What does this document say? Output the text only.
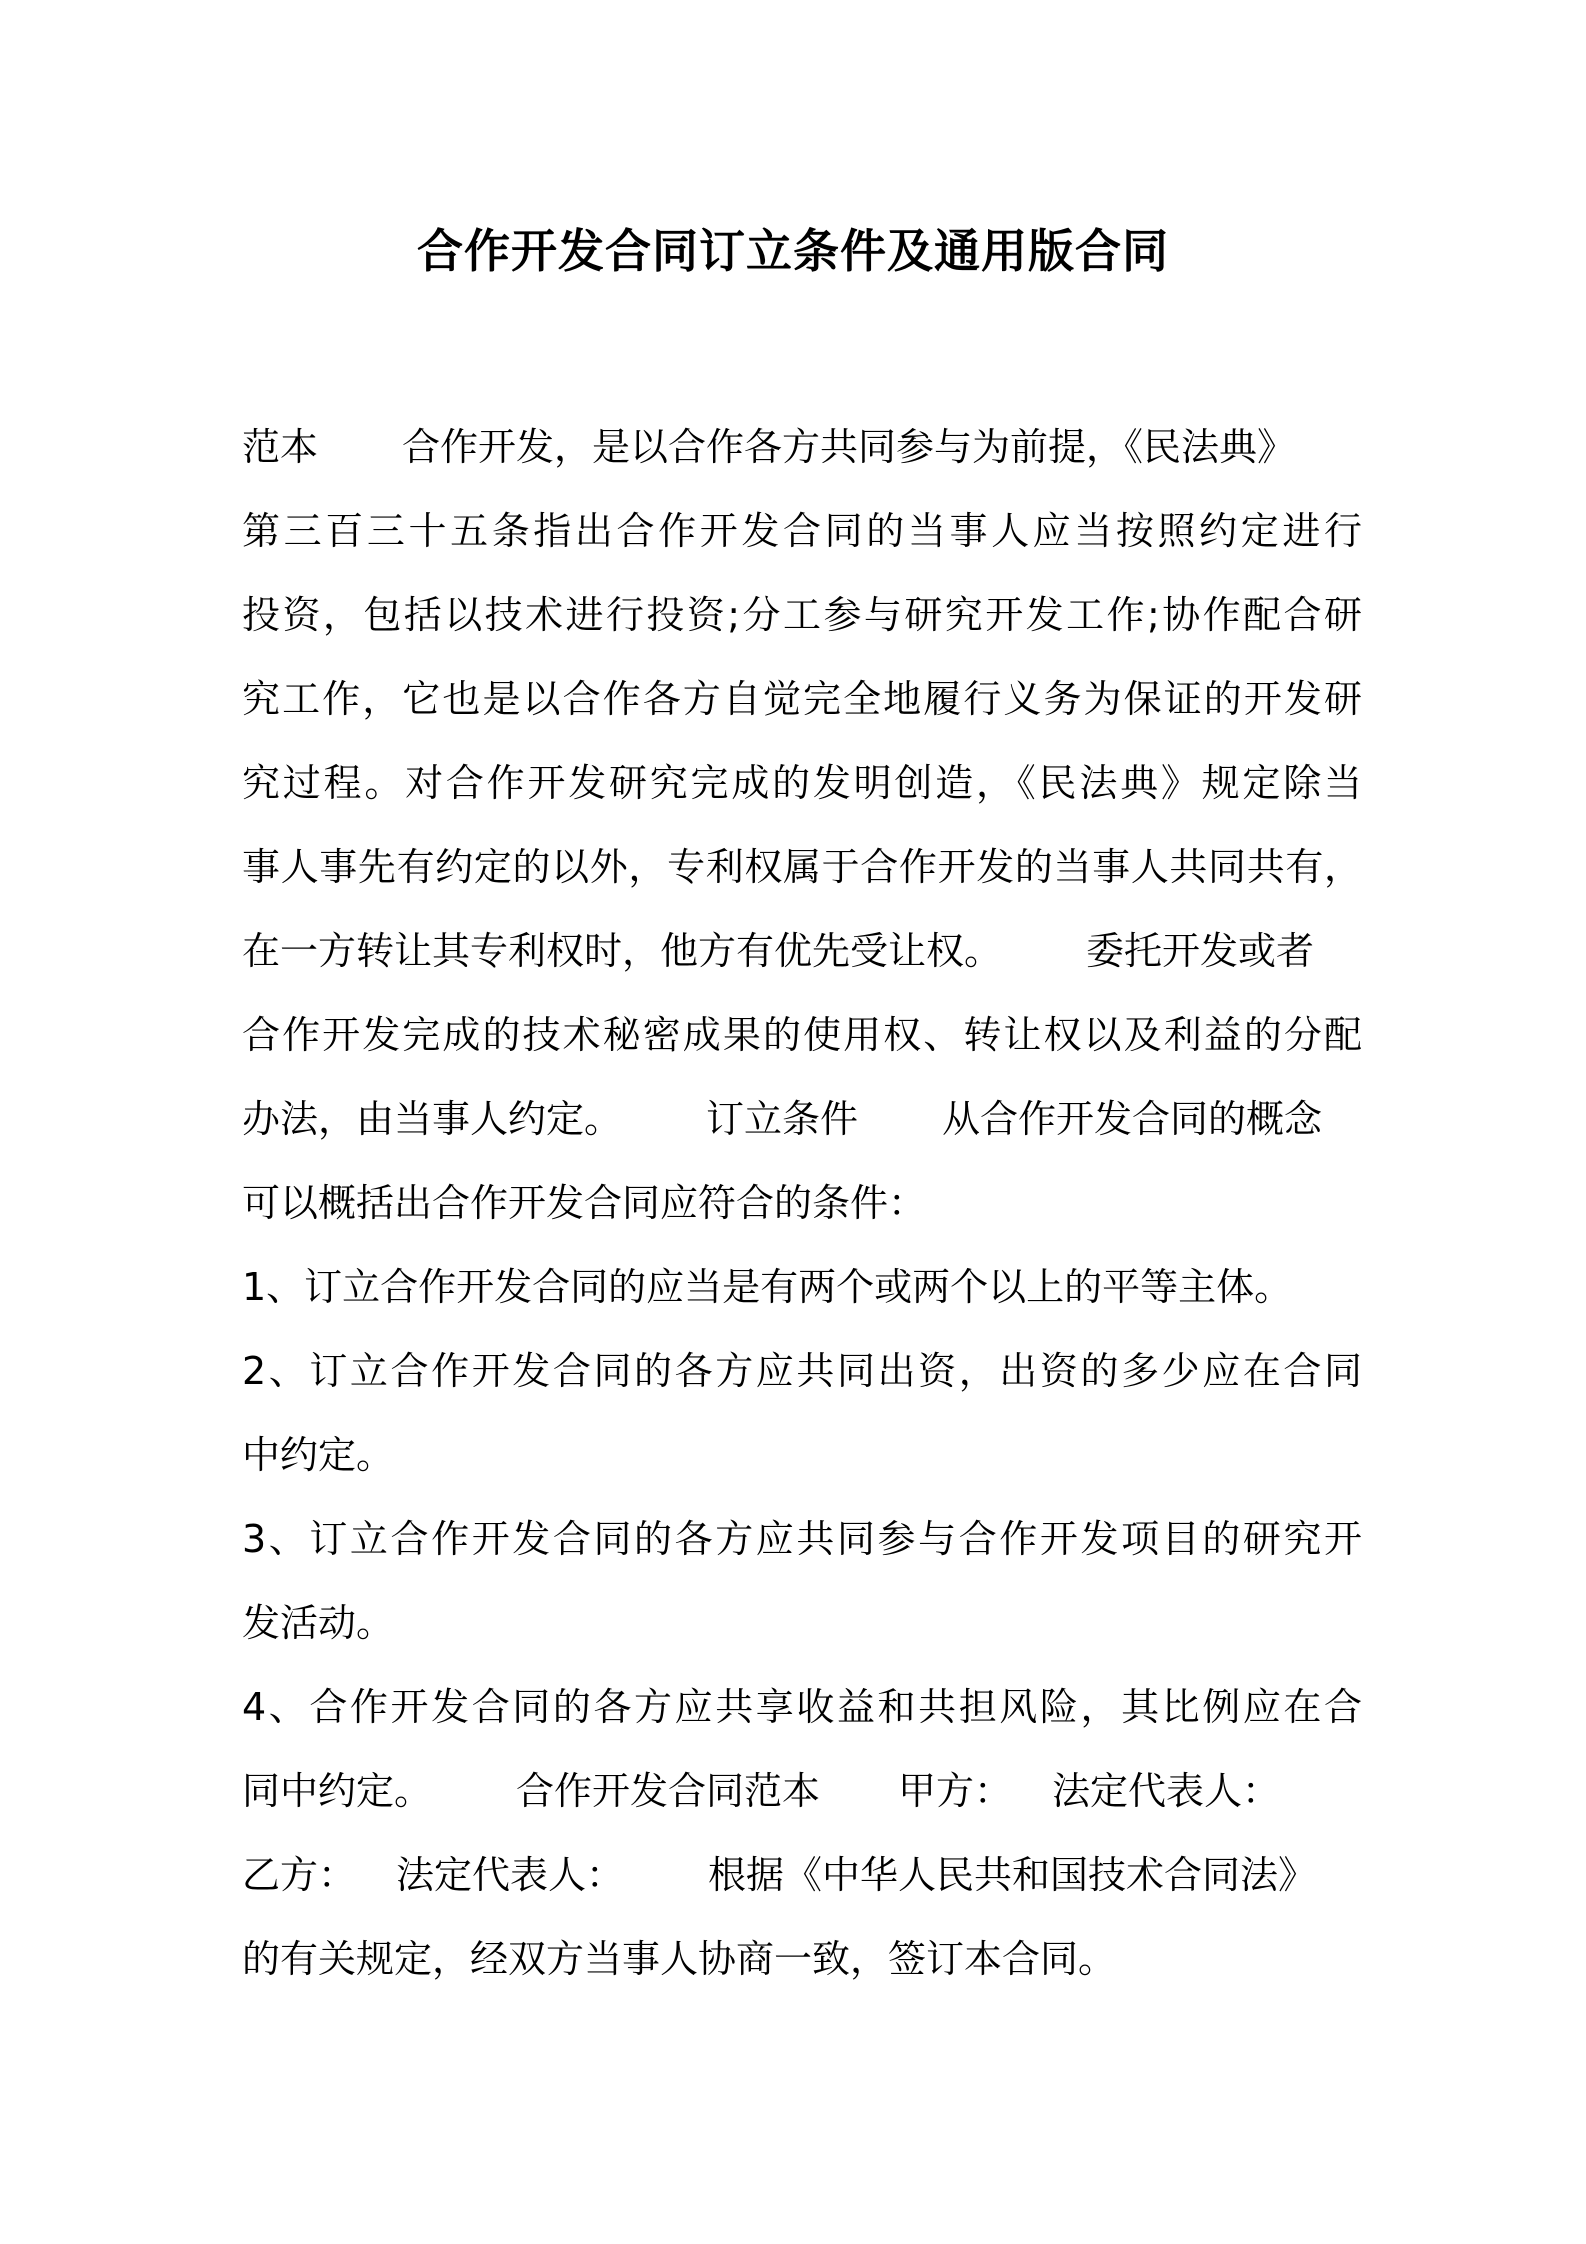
合作开发合同订立条件及通用版合同
范本 合作开发，是以合作各方共同参与为前提，《民法典》
第三百三十五条指出合作开发合同的当事人应当按照约定进行
投资，包括以技术进行投资;分工参与研究开发工作;协作配合研
究工作，它也是以合作各方自觉完全地履行义务为保证的开发研
究过程。对合作开发研究完成的发明创造，《民法典》规定除当
事人事先有约定的以外，专利权属于合作开发的当事人共同共有，
在一方转让其专利权时，他方有优先受让权。 委托开发或者
合作开发完成的技术秘密成果的使用权、转让权以及利益的分配
办法，由当事人约定。 订立条件 从合作开发合同的概念
可以概括出合作开发合同应符合的条件：
1、订立合作开发合同的应当是有两个或两个以上的平等主体。
2、订立合作开发合同的各方应共同出资，出资的多少应在合同
中约定。
3、订立合作开发合同的各方应共同参与合作开发项目的研究开
发活动。
4、合作开发合同的各方应共享收益和共担风险，其比例应在合
同中约定。 合作开发合同范本 甲方： 法定代表人：
乙方： 法定代表人： 根据《中华人民共和国技术合同法》
的有关规定，经双方当事人协商一致，签订本合同。
